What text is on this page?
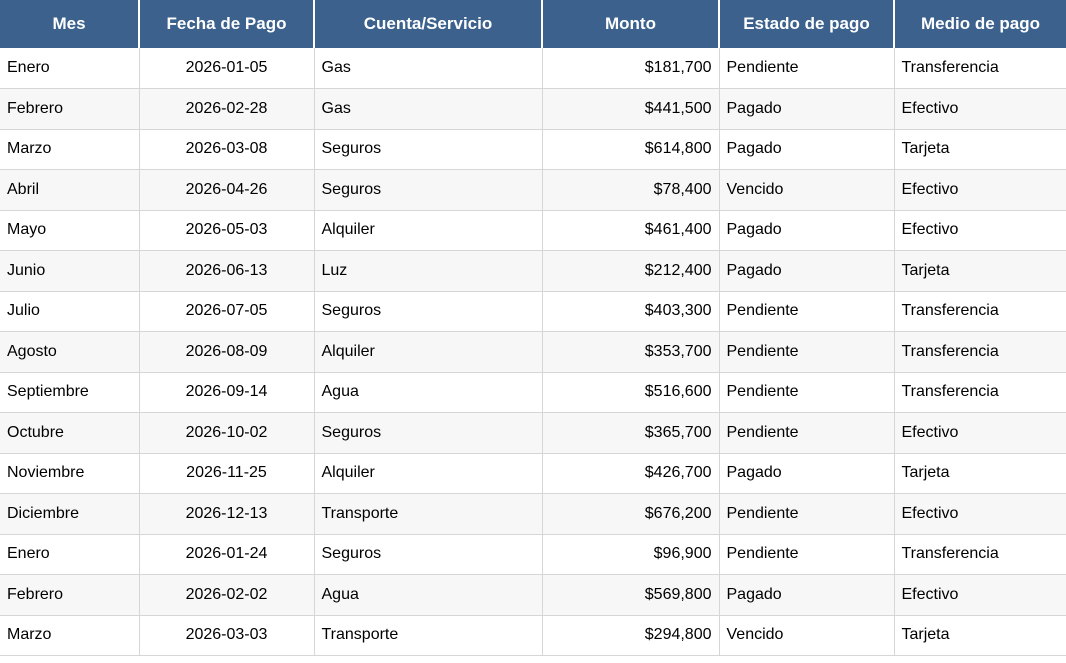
Mes	Fecha de Pago	Cuenta/Servicio	Monto	Estado de pago	Medio de pago
Enero	2026-01-05	Gas	$181,700	Pendiente	Transferencia
Febrero	2026-02-28	Gas	$441,500	Pagado	Efectivo
Marzo	2026-03-08	Seguros	$614,800	Pagado	Tarjeta
Abril	2026-04-26	Seguros	$78,400	Vencido	Efectivo
Mayo	2026-05-03	Alquiler	$461,400	Pagado	Efectivo
Junio	2026-06-13	Luz	$212,400	Pagado	Tarjeta
Julio	2026-07-05	Seguros	$403,300	Pendiente	Transferencia
Agosto	2026-08-09	Alquiler	$353,700	Pendiente	Transferencia
Septiembre	2026-09-14	Agua	$516,600	Pendiente	Transferencia
Octubre	2026-10-02	Seguros	$365,700	Pendiente	Efectivo
Noviembre	2026-11-25	Alquiler	$426,700	Pagado	Tarjeta
Diciembre	2026-12-13	Transporte	$676,200	Pendiente	Efectivo
Enero	2026-01-24	Seguros	$96,900	Pendiente	Transferencia
Febrero	2026-02-02	Agua	$569,800	Pagado	Efectivo
Marzo	2026-03-03	Transporte	$294,800	Vencido	Tarjeta
